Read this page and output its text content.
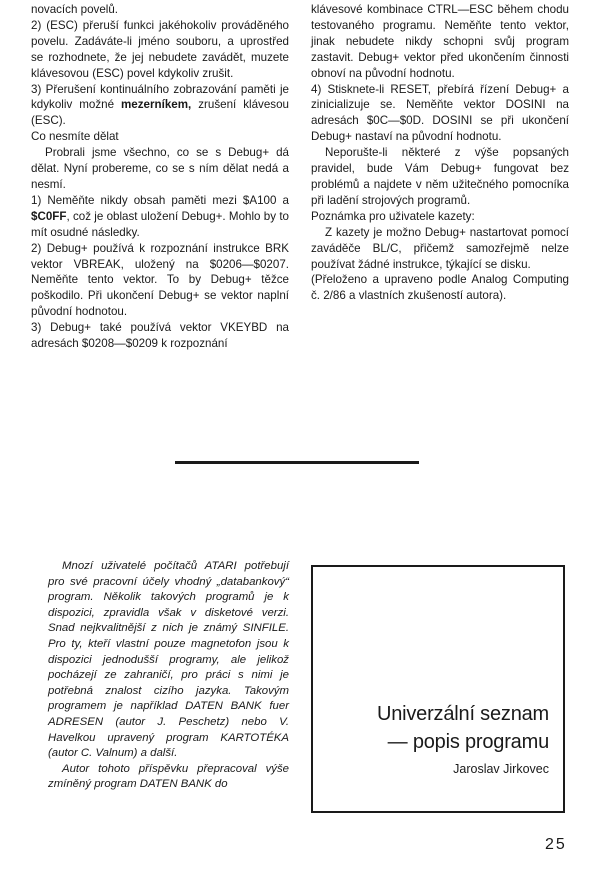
novacích povelů.

2) (ESC) přeruší funkci jakéhokoliv prováděného povelu. Zadáváte-li jméno souboru, a uprostřed se rozhodnete, že jej nebudete zavádět, muzete klávesovou (ESC) povel kdykoliv zrušit.

3) Přerušení kontinuálního zobrazování paměti je kdykoliv možné mezerníkem, zrušení klávesou (ESC).

Co nesmíte dělat

Probrali jsme všechno, co se s Debug+ dá dělat. Nyní probereme, co se s ním dělat nedá a nesmí.

1) Neměňte nikdy obsah paměti mezi $A100 a $C0FF, což je oblast uložení Debug+. Mohlo by to mít osudné následky.

2) Debug+ používá k rozpoznání instrukce BRK vektor VBREAK, uložený na $0206—$0207. Neměňte tento vektor. To by Debug+ těžce poškodilo. Při ukončení Debug+ se vektor naplní původní hodnotou.

3) Debug+ také používá vektor VKEYBD na adresách $0208—$0209 k rozpoznání

klávesové kombinace CTRL—ESC během chodu testovaného programu. Neměňte tento vektor, jinak nebudete nikdy schopni svůj program zastavit. Debug+ vektor před ukončením činnosti obnoví na původní hodnotu.

4) Stisknete-li RESET, přebírá řízení Debug+ a zinicializuje se. Neměňte vektor DOSINI na adresách $0C—$0D. DOSINI se při ukončení Debug+ nastaví na původní hodnotu.

Neporušte-li některé z výše popsaných pravidel, bude Vám Debug+ fungovat bez problémů a najdete v něm užitečného pomocníka při ladění strojových programů.

Poznámka pro uživatele kazety:

Z kazety je možno Debug+ nastartovat pomocí zaváděče BL/C, přičemž samozřejmě nelze používat žádné instrukce, týkající se disku.

(Přeloženo a upraveno podle Analog Computing č. 2/86 a vlastních zkušeností autora).

Mnozí uživatelé počítačů ATARI potřebují pro své pracovní účely vhodný „databankový“ program. Několik takových programů je k dispozici, zpravidla však v disketové verzi. Snad nejkvalitnější z nich je známý SINFILE. Pro ty, kteří vlastní pouze magnetofon jsou k dispozici jednodušší programy, ale jelikož pocházejí ze zahraničí, pro práci s nimi je potřebná znalost cizího jazyka. Takovým programem je například DATEN BANK fuer ADRESEN (autor J. Peschetz) nebo V. Havelkou upravený program KARTOTÉKA (autor C. Valnum) a další.

Autor tohoto příspěvku přepracoval výše zmíněný program DATEN BANK do

Univerzální seznam
— popis programu
Jaroslav Jirkovec
25
